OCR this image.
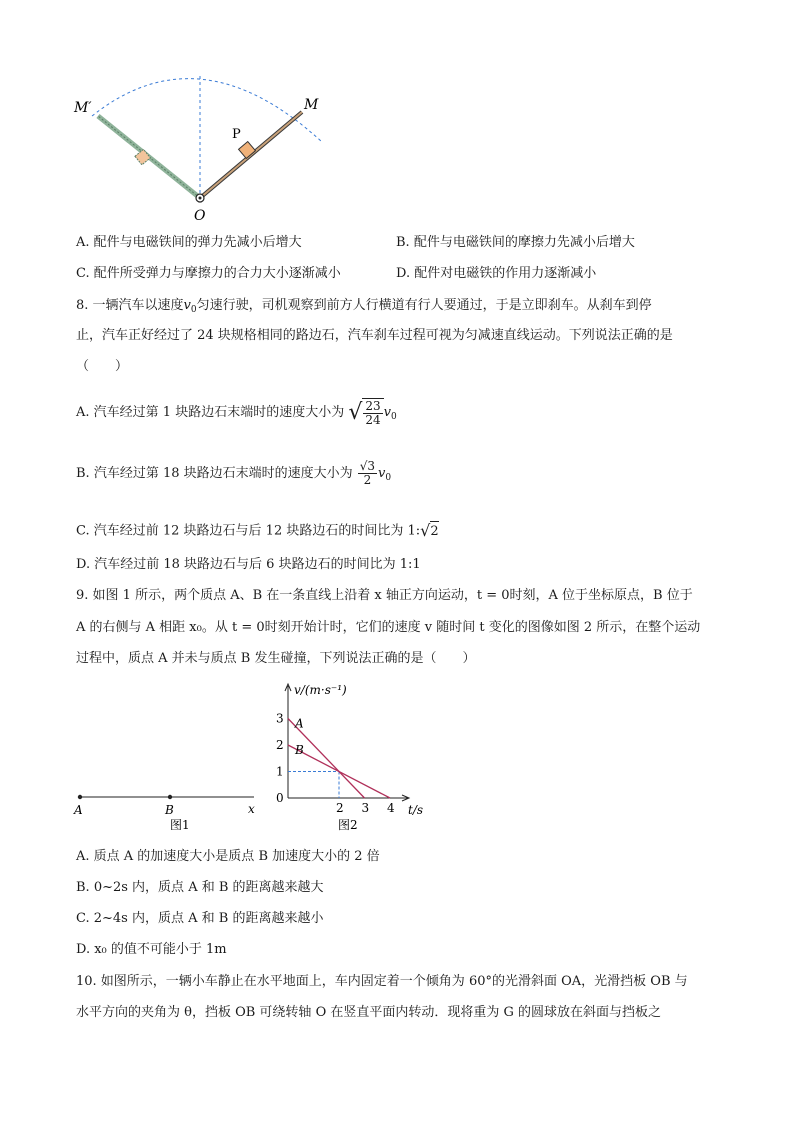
M′	M
P
O
A. 配件与电磁铁间的弹力先减小后增大	B. 配件与电磁铁间的摩擦力先减小后增大
C. 配件所受弹力与摩擦力的合力大小逐渐减小	D. 配件对电磁铁的作用力逐渐减小
8. 一辆汽车以速度$v_0$匀速行驶，司机观察到前方人行横道有行人要通过，于是立即刹车。从刹车到停
止，汽车正好经过了 24 块规格相同的路边石，汽车刹车过程可视为匀减速直线运动。下列说法正确的是
（　　）
A. 汽车经过第 1 块路边石末端时的速度大小为 √ $\frac{23}{24} v_0$
B. 汽车经过第 18 块路边石末端时的速度大小为 $\frac{√3}{2} v_0$
C. 汽车经过前 12 块路边石与后 12 块路边石的时间比为 1: √ 2
D. 汽车经过前 18 块路边石与后 6 块路边石的时间比为 1:1
9. 如图 1 所示，两个质点 A、B 在一条直线上沿着 x 轴正方向运动，t = 0时刻，A 位于坐标原点，B 位于
A 的右侧与 A 相距 x₀。从 t = 0时刻开始计时，它们的速度 v 随时间 t 变化的图像如图 2 所示，在整个运动
过程中，质点 A 并未与质点 B 发生碰撞，下列说法正确的是（　　）
A	B	x
图1
A
B
1
2
3
2 3 4
0
v/(m·s⁻¹)
t/s
图2
A. 质点 A 的加速度大小是质点 B 加速度大小的 2 倍
B. 0~2s 内，质点 A 和 B 的距离越来越大
C. 2~4s 内，质点 A 和 B 的距离越来越小
D. x₀ 的值不可能小于 1m
10. 如图所示，一辆小车静止在水平地面上，车内固定着一个倾角为 60°的光滑斜面 OA，光滑挡板 OB 与
水平方向的夹角为 θ，挡板 OB 可绕转轴 O 在竖直平面内转动．现将重为 G 的圆球放在斜面与挡板之
